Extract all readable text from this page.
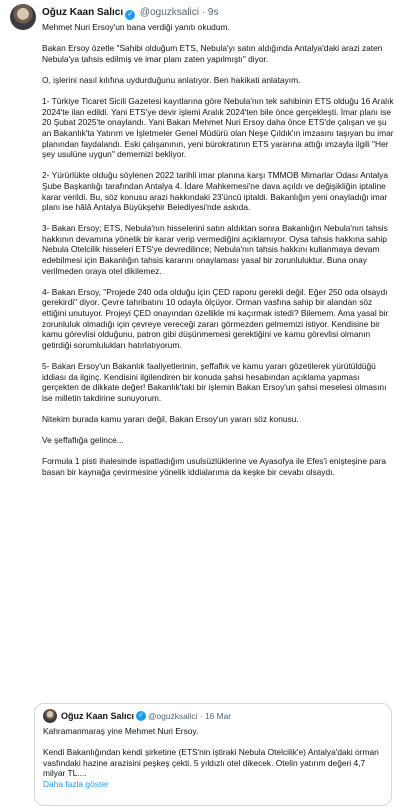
Oğuz Kaan Salıcı ✓ @oguzksalici · 9s

Mehmet Nuri Ersoy'un bana verdiği yanıtı okudum.

Bakan Ersoy özetle "Sahibi olduğum ETS, Nebula'yı satın aldığında Antalya'daki arazi zaten Nebula'ya tahsis edilmiş ve imar planı zaten yapılmıştı" diyor.

O, işlerini nasıl kılıfına uydurduğunu anlatıyor. Ben hakikati anlatayım.

1- Türkiye Ticaret Sicili Gazetesi kayıtlarına göre Nebula'nın tek sahibinin ETS olduğu 16 Aralık 2024'te ilan edildi. Yani ETS'ye devir işlemi Aralık 2024'ten bile önce gerçekleşti. İmar planı ise 20 Şubat 2025'te onaylandı. Yani Bakan Mehmet Nuri Ersoy daha önce ETS'de çalışan ve şu an Bakanlık'ta Yatırım ve İşletmeler Genel Müdürü olan Neşe Çıldık'ın imzasını taşıyan bu imar planından faydalandı. Eski çalışanının, yeni bürokratının ETS yararına attığı imzayla ilgili "Her şey usulüne uygun" dememizi bekliyor.

2- Yürürlükte olduğu söylenen 2022 tarihli imar planına karşı TMMOB Mimarlar Odası Antalya Şube Başkanlığı tarafından Antalya 4. İdare Mahkemesi'ne dava açıldı ve değişikliğin iptaline karar verildi. Bu, söz konusu arazi hakkındaki 23'üncü iptaldi. Bakanlığın yeni onayladığı imar planı ise hâlâ Antalya Büyükşehir Belediyesi'nde askıda.

3- Bakan Ersoy; ETS, Nebula'nın hisselerini satın aldıktan sonra Bakanlığın Nebula'nın tahsis hakkının devamına yönelik bir karar verip vermediğini açıklamıyor. Oysa tahsis hakkına sahip Nebula Otelcilik hisseleri ETS'ye devredilince; Nebula'nın tahsis hakkını kullanmaya devam edebilmesi için Bakanlığın tahsis kararını onaylaması yasal bir zorunluluktur. Buna onay verilmeden oraya otel dikilemez.

4- Bakan Ersoy, "Projede 240 oda olduğu için ÇED raporu gerekli değil. Eğer 250 oda olsaydı gerekirdi" diyor. Çevre tahribatını 10 odayla ölçüyor. Orman vasfına sahip bir alandan söz ettiğini unutuyor. Projeyi ÇED onayından özellikle mi kaçırmak istedi? Bilemem. Ama yasal bir zorunluluk olmadığı için çevreye vereceği zararı görmezden gelmemizi istiyor. Kendisine bir kamu görevlisi olduğunu, patron gibi düşünmemesi gerektiğini ve kamu görevlisi olmanın getirdiği sorumlulukları hatırlatıyorum.

5- Bakan Ersoy'un Bakanlık faaliyetlerinin, şeffaflık ve kamu yararı gözetilerek yürütüldüğü iddiası da ilginç. Kendisini ilgilendiren bir konuda şahsi hesabından açıklama yapması gerçekten de dikkate değer! Bakanlık'taki bir işlemin Bakan Ersoy'un şahsi meselesi olmasını ise milletin takdirine sunuyorum.

Nitekim burada kamu yararı değil, Bakan Ersoy'un yararı söz konusu.

Ve şeffaflığa gelince...

Formula 1 pisti ihalesinde ispatladığım usulsüzlüklerine ve Ayasofya ile Efes'i enişteşine para basan bir kaynağa çevirmesine yönelik iddialarıma da keşke bir cevabı olsaydı.

Oğuz Kaan Salıcı ✓ @oguzksalici
·
16 Mar

Kahramanmaraş yine Mehmet Nuri Ersoy.

Kendi Bakanlığından kendi şirketine (ETS'nin iştiraki Nebula Otelcilik'e) Antalya'daki orman vasfındaki hazine arazisini peşkeş çekti. 5 yıldızlı otel dikecek. Otelin yatırım değeri 4,7 milyar TL....

Daha fazla göster
